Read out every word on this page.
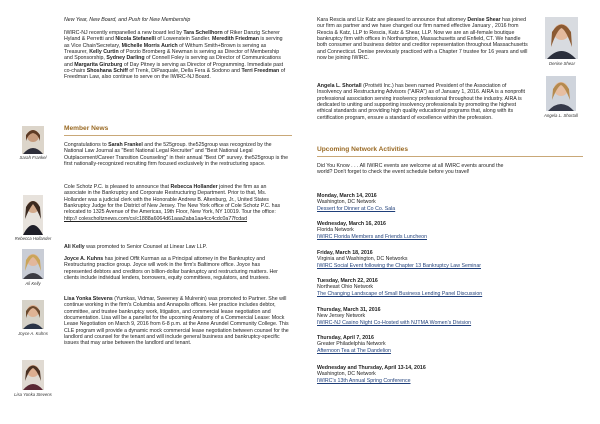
New Year, New Board, and Push for New Membership

IWIRC-NJ recently empanelled a new board led by Tara Schellhorn of Riker Danzig Scherer Hyland & Perretti and Nicola Stefanelli of Lowenstein Sandler. Meredith Friedman is serving as Vice Chair/Secretary, Michelle Morris Aurich of Withum Smith+Brown is serving as Treasurer, Kelly Curtin of Porzio Bromberg & Newman is serving as Director of Membership and Sponsorship, Sydney Darling of Connell Foley is serving as Director of Communications and Margarita Ginzburg of Day Pitney is serving as Director of Programming. Immediate past co-chairs Shoshana Schiff of Trenk, DiPasquale, Della Fera & Sodono and Terri Freedman of Freedman Law, also continue to serve on the IWIRC-NJ Board.

Member News

Congratulations to Sarah Frankel and the 525group. the525group was recognized by the National Law Journal as "Best National Legal Recruiter" and "Best National Legal Outplacement/Career Transition Counseling" in their annual "Best Of" survey. the525group is the first nationally-recognized recruiting firm focused exclusively in the restructuring space.

Cole Schotz P.C. is pleased to announce that Rebecca Hollander joined the firm as an associate in the Bankruptcy and Corporate Restructuring Department. Prior to that, Ms. Hollander was a judicial clerk with the Honorable Andrew B. Altenburg, Jr., United States Bankruptcy Judge for the District of New Jersey. The New York office of Cole Schotz P.C. has relocated to 1325 Avenue of the Americas, 19th Floor, New York, NY 10019. Tour the office: http:// colescholtznews.com/cs/c1888a6064d61aaa2aba1aa4cc4cdc0a77fcdad

Ali Kelly was promoted to Senior Counsel at Linear Law LLP.

Joyce A. Kuhns has joined Offit Kurman as a Principal attorney in the Bankruptcy and Restructuring practice group. Joyce will work in the firm's Baltimore office. Joyce has represented debtors and creditors on billion-dollar bankruptcy and restructuring matters. Her clients include individual lenders, borrowers, equity committees, regulators, and trustees.

Lisa Yonka Stevens (Yumkas, Vidmar, Sweeney & Mulrenin) was promoted to Partner. She will continue working in the firm's Columbia and Annapolis offices. Her practice includes debtor, committee, and trustee bankruptcy work, litigation, and commercial lease negotiation and documentation. Lisa will be a panelist for the upcoming Anatomy of a Commercial Lease: Mock Lease Negotiation on March 9, 2016 from 6-8 p.m. at the Anne Arundel Community College. This CLE program will provide a dynamic mock commercial lease negotiation between counsel for the landlord and counsel for the tenant and will include general business and bankruptcy-specific issues that may arise between the landlord and tenant.

Sarah Frankel
Rebecca Hollander
Ali Kelly
Joyce A. Kuhns
Lisa Yonka Stevens

Kara Rescia and Liz Katz are pleased to announce that attorney Denise Shear has joined our firm as partner and we have changed our firm named effective January , 2016 from Rescia & Katz, LLP to Rescia, Katz & Shear, LLP. Now we are an all-female boutique bankruptcy firm with offices in Northampton, Massachusetts and Enfield, CT. We handle both consumer and business debtor and creditor representation throughout Massachusetts and Connecticut. Denise previously practiced with a Chapter 7 trustee for 16 years and will now be joining IWIRC.

Angela L. Shortall (Protiviti Inc.) has been named President of the Association of Insolvency and Restructuring Advisors ("AIRA") as of January 1, 2016. AIRA is a nonprofit professional association serving insolvency professional throughout the industry. AIRA is dedicated to uniting and supporting insolvency professionals by promoting the highest ethical standards and providing high quality educational programs that, along with its certification program, ensure a standard of excellence within the profession.

Denise Shear
Angela L. Shortall

Upcoming Network Activities

Did You Know . . . All IWIRC events are welcome at all IWIRC events around the world? Don't forget to check the event schedule before you travel!

Monday, March 14, 2016
Washington, DC Network
Dessert for Dinner at Co Co. Sala
Wednesday, March 16, 2016
Florida Network
IWIRC Florida Members and Friends Luncheon
Friday, March 18, 2016
Virginia and Washington, DC Networks
IWIRC Social Event following the Chapter 13 Bankruptcy Law Seminar
Tuesday, March 22, 2016
Northeast Ohio Network
The Changing Landscape of Small Business Lending Panel Discussion
Thursday, March 31, 2016
New Jersey Network
IWIRC-NJ Casino Night Co-Hosted with NJTMA Women's Division
Thursday, April 7, 2016
Greater Philadelphia Network
Afternoon Tea at The Dandelion
Wednesday and Thursday, April 13-14, 2016
Washington, DC Network
IWIRC's 13th Annual Spring Conference
